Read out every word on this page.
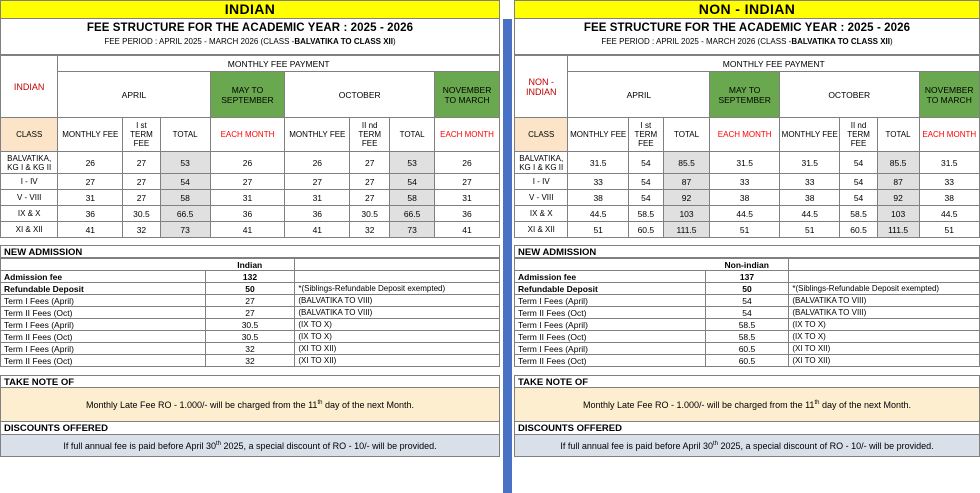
INDIAN
FEE STRUCTURE FOR THE ACADEMIC YEAR : 2025 - 2026
FEE PERIOD : APRIL 2025 - MARCH 2026 (CLASS -BALVATIKA TO CLASS XII)
INDIAN	MONTHLY FEE PAYMENT							
	APRIL			MAY TO SEPTEMBER	OCTOBER			NOVEMBER TO MARCH
CLASS	MONTHLY FEE	I st TERM FEE	TOTAL	EACH MONTH	MONTHLY FEE	II nd TERM FEE	TOTAL	EACH MONTH
BALVATIKA, KG I & KG II	26	27	53	26	26	27	53	26
I - IV	27	27	54	27	27	27	54	27
V - VIII	31	27	58	31	31	27	58	31
IX & X	36	30.5	66.5	36	36	30.5	66.5	36
XI & XII	41	32	73	41	41	32	73	41
NEW ADMISSION
	Indian	
Admission fee	132	
Refundable Deposit	50	*(Siblings-Refundable Deposit exempted)
Term I Fees (April)	27	(BALVATIKA TO VIII)
Term II Fees (Oct)	27	(BALVATIKA TO VIII)
Term I Fees (April)	30.5	(IX TO X)
Term II Fees (Oct)	30.5	(IX TO X)
Term I Fees (April)	32	(XI TO XII)
Term II Fees (Oct)	32	(XI TO XII)
TAKE NOTE OF
Monthly Late Fee RO - 1.000/- will be charged from the 11th day of the next Month.
DISCOUNTS OFFERED
If full annual fee is paid before April 30th 2025, a special discount of RO - 10/- will be provided.
NON - INDIAN
FEE STRUCTURE FOR THE ACADEMIC YEAR : 2025 - 2026
FEE PERIOD : APRIL 2025 - MARCH 2026 (CLASS -BALVATIKA TO CLASS XII)
NON - INDIAN	MONTHLY FEE PAYMENT							
	APRIL			MAY TO SEPTEMBER	OCTOBER			NOVEMBER TO MARCH
CLASS	MONTHLY FEE	I st TERM FEE	TOTAL	EACH MONTH	MONTHLY FEE	II nd TERM FEE	TOTAL	EACH MONTH
BALVATIKA, KG I & KG II	31.5	54	85.5	31.5	31.5	54	85.5	31.5
I - IV	33	54	87	33	33	54	87	33
V - VIII	38	54	92	38	38	54	92	38
IX & X	44.5	58.5	103	44.5	44.5	58.5	103	44.5
XI & XII	51	60.5	111.5	51	51	60.5	111.5	51
NEW ADMISSION
	Non-indian	
Admission fee	137	
Refundable Deposit	50	*(Siblings-Refundable Deposit exempted)
Term I Fees (April)	54	(BALVATIKA TO VIII)
Term II Fees (Oct)	54	(BALVATIKA TO VIII)
Term I Fees (April)	58.5	(IX TO X)
Term II Fees (Oct)	58.5	(IX TO X)
Term I Fees (April)	60.5	(XI TO XII)
Term II Fees (Oct)	60.5	(XI TO XII)
TAKE NOTE OF
Monthly Late Fee RO - 1.000/- will be charged from the 11th day of the next Month.
DISCOUNTS OFFERED
If full annual fee is paid before April 30th 2025, a special discount of RO - 10/- will be provided.
